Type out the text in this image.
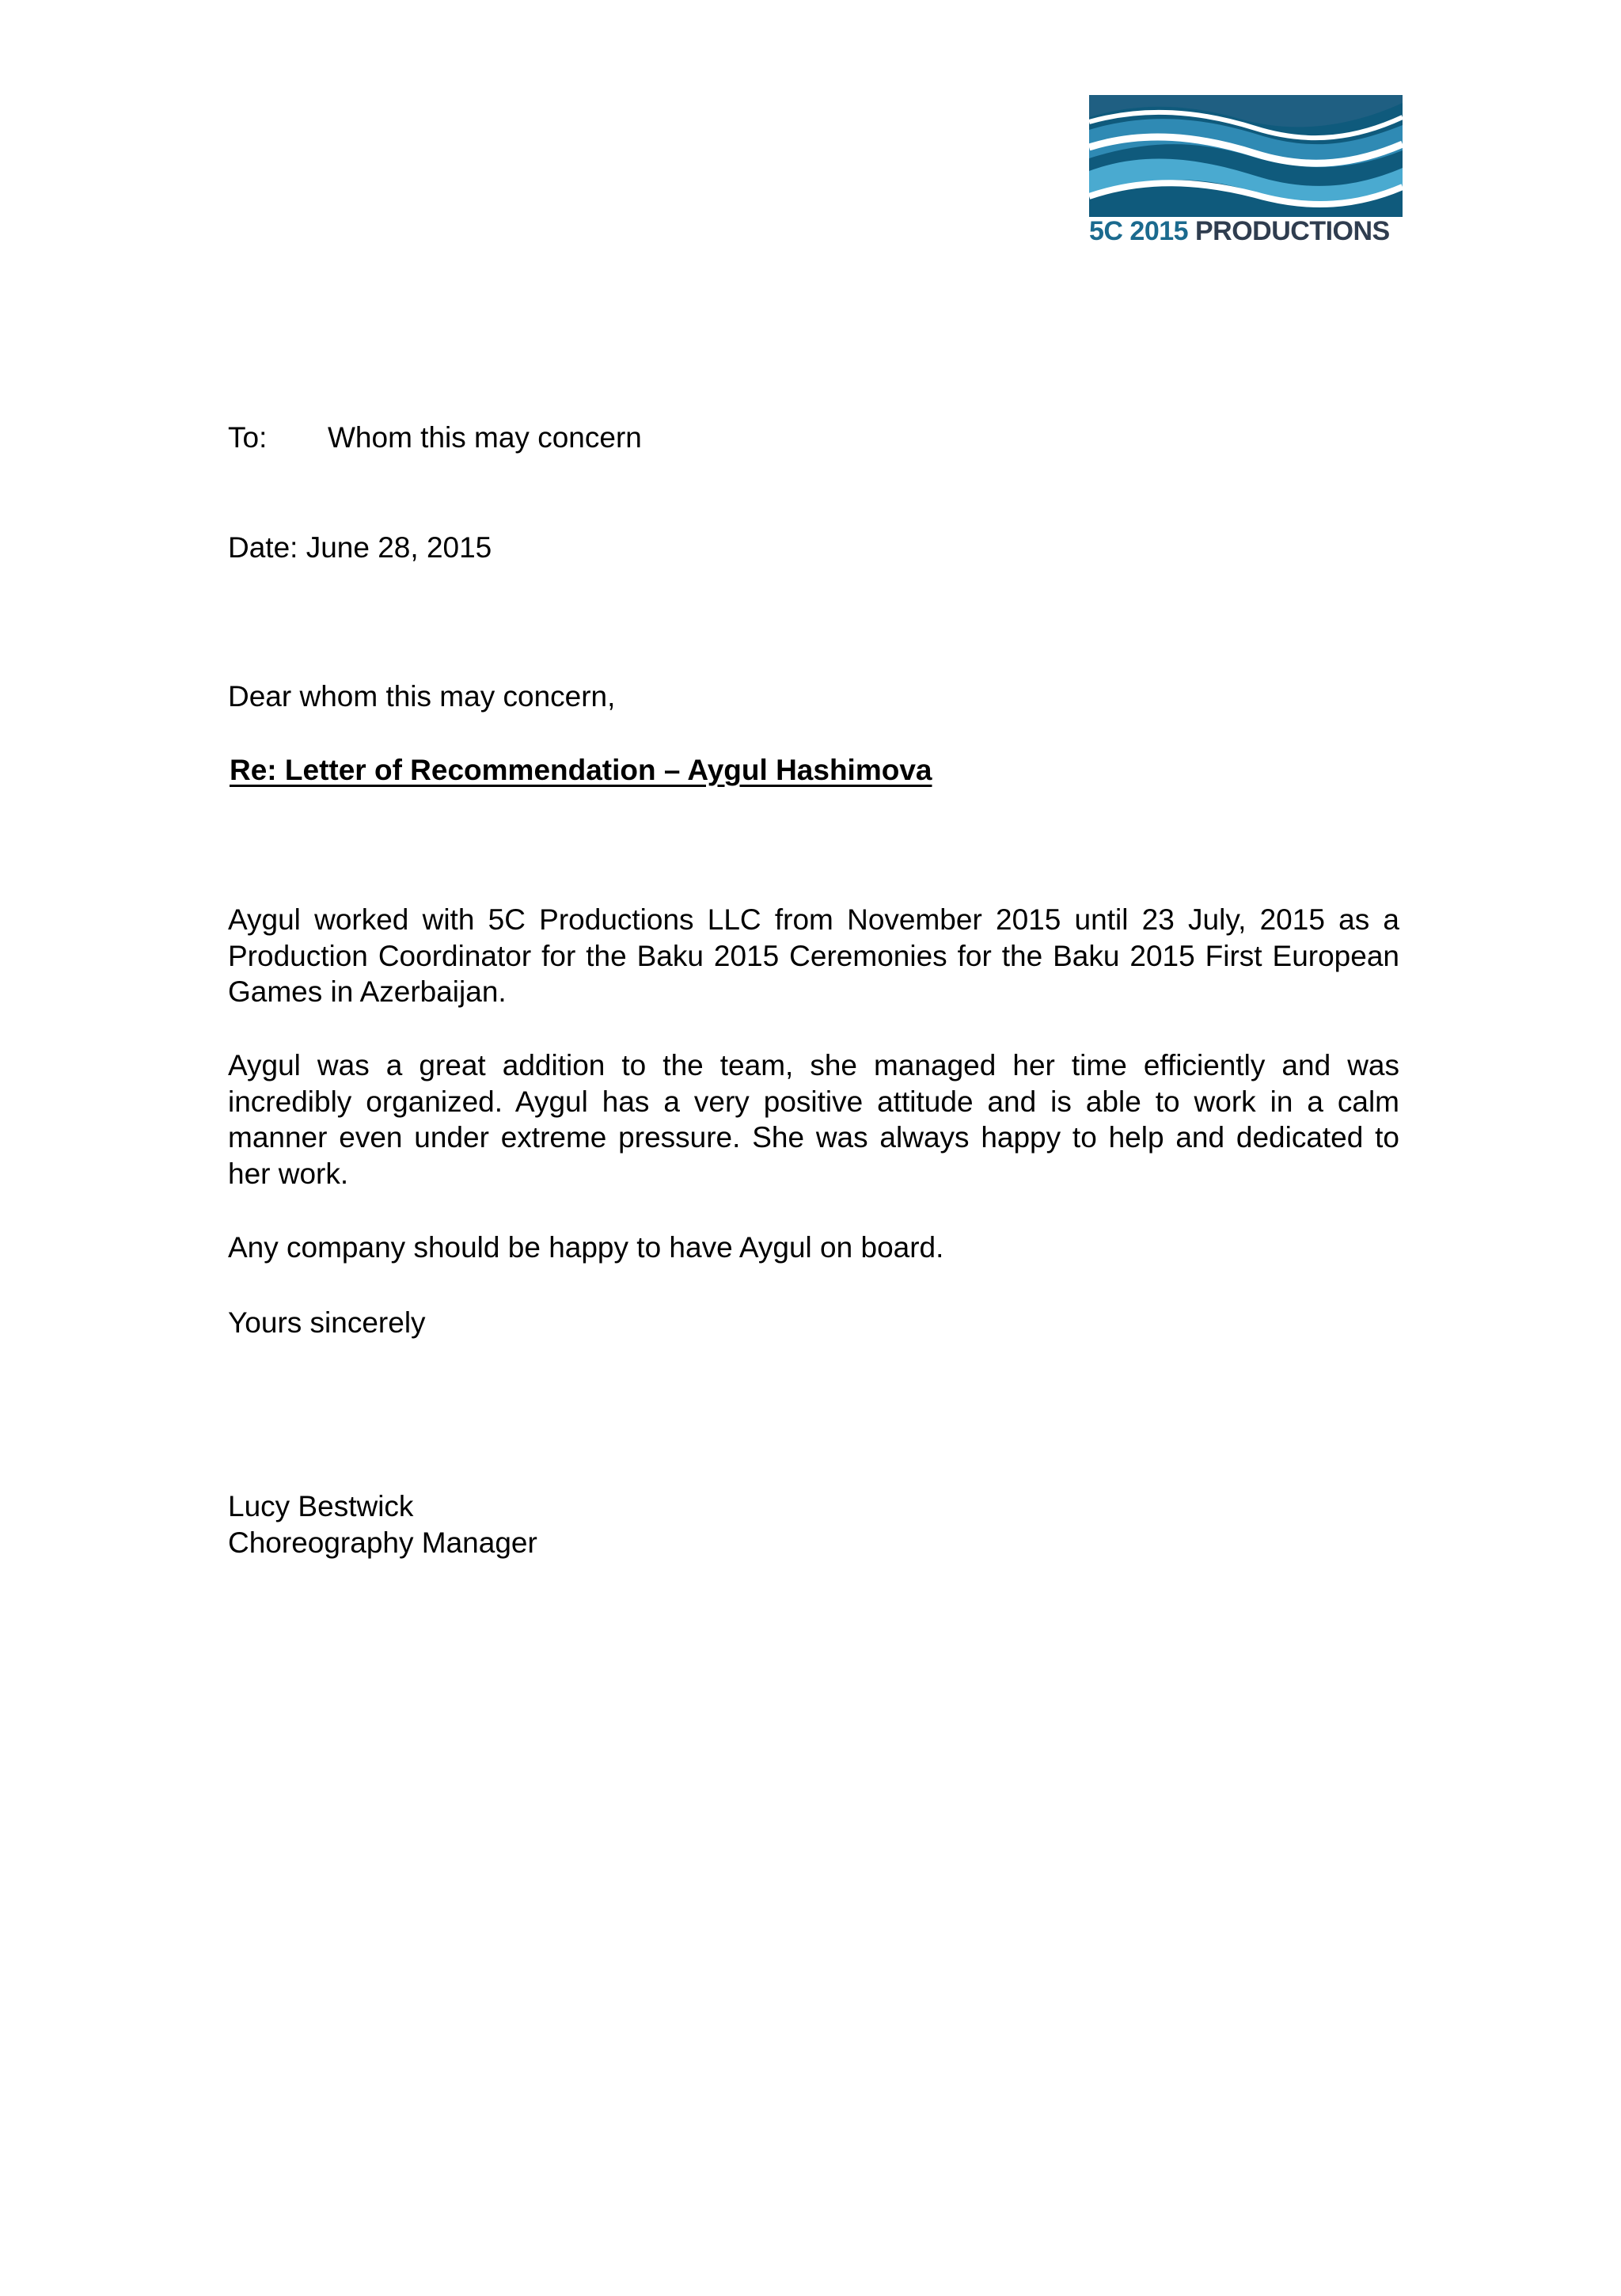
5C 2015 PRODUCTIONS
To: Whom this may concern
Date: June 28, 2015
Dear whom this may concern,
Re: Letter of Recommendation – Aygul Hashimova

Aygul worked with 5C Productions LLC from November 2015 until 23 July, 2015 as a Production Coordinator for the Baku 2015 Ceremonies for the Baku 2015 First European Games in Azerbaijan.

Aygul was a great addition to the team, she managed her time efficiently and was incredibly organized. Aygul has a very positive attitude and is able to work in a calm manner even under extreme pressure. She was always happy to help and dedicated to her work.

Any company should be happy to have Aygul on board.

Yours sincerely
Lucy Bestwick
Choreography Manager
